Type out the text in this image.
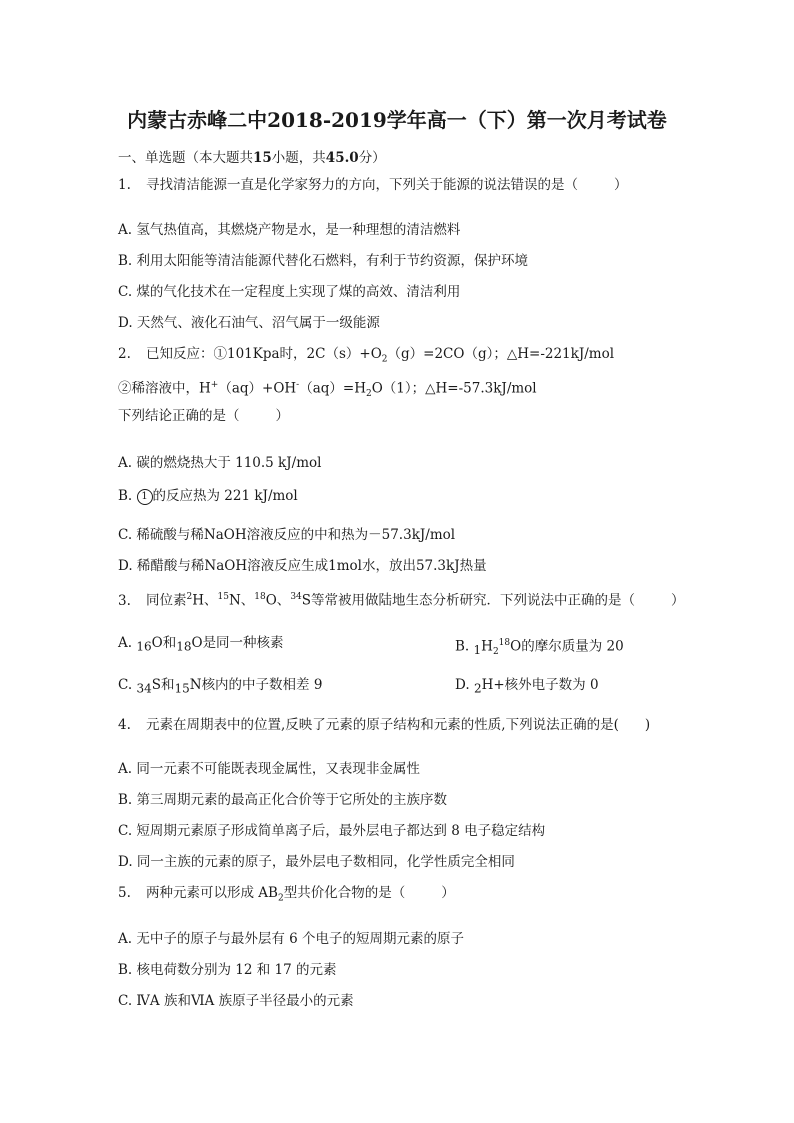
内蒙古赤峰二中2018-2019学年高一（下）第一次月考试卷
一、单选题（本大题共15小题，共45.0分）
1. 寻找清洁能源一直是化学家努力的方向，下列关于能源的说法错误的是（	）
A. 氢气热值高，其燃烧产物是水，是一种理想的清洁燃料
B. 利用太阳能等清洁能源代替化石燃料，有利于节约资源，保护环境
C. 煤的气化技术在一定程度上实现了煤的高效、清洁利用
D. 天然气、液化石油气、沼气属于一级能源
2. 已知反应：①101Kpa时，$2C(s)+O_2(g)=2CO(g)$；△H=-221kJ/mol
②稀溶液中，$H^+(aq)+OH^-(aq)=H_2O(1)$；△H=-57.3kJ/mol
下列结论正确的是（	）
A. 碳的燃烧热大于 110.5 kJ/mol
B. 1 的反应热为 221 kJ/mol
C. 稀硫酸与稀NaOH溶液反应的中和热为－57.3kJ/mol
D. 稀醋酸与稀NaOH溶液反应生成1mol水，放出57.3kJ热量
3. 同位素$^2$H、$^{15}$N、$^{18}$O、$^{34}$S等常被用做陆地生态分析研究．下列说法中正确的是（	）
A. $_{16}$O和$_{18}$O是同一种核素	B. $_1H_2^{18}O$的摩尔质量为 20
C. $_{34}$S和$_{15}$N核内的中子数相差 9	D. $_2$H+核外电子数为 0
4. 元素在周期表中的位置,反映了元素的原子结构和元素的性质,下列说法正确的是( )
A. 同一元素不可能既表现金属性，又表现非金属性
B. 第三周期元素的最高正化合价等于它所处的主族序数
C. 短周期元素原子形成简单离子后，最外层电子都达到 8 电子稳定结构
D. 同一主族的元素的原子，最外层电子数相同，化学性质完全相同
5. 两种元素可以形成 $AB_2$型共价化合物的是（	）
A. 无中子的原子与最外层有 6 个电子的短周期元素的原子
B. 核电荷数分别为 12 和 17 的元素
C. ⅣA 族和ⅥA 族原子半径最小的元素
